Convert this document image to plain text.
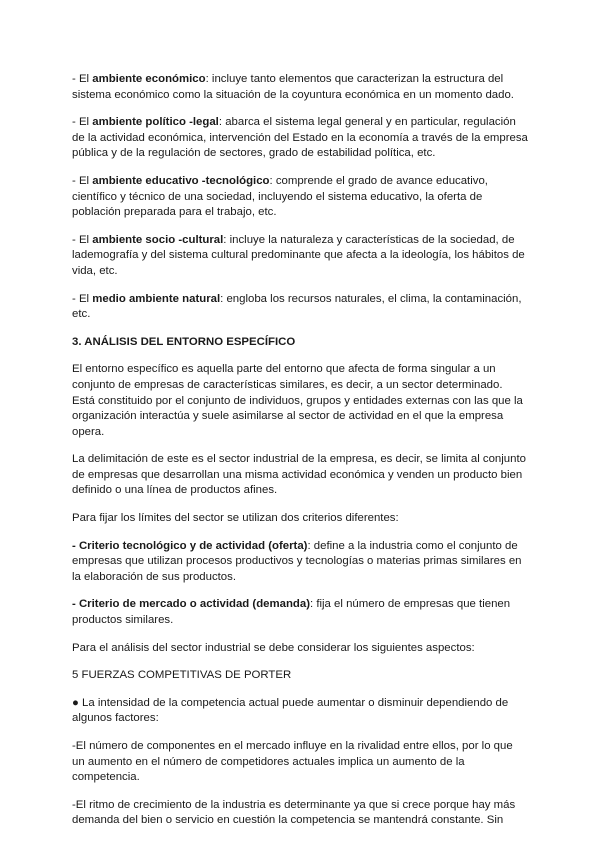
- El ambiente económico: incluye tanto elementos que caracterizan la estructura del sistema económico como la situación de la coyuntura económica en un momento dado.

- El ambiente político -legal: abarca el sistema legal general y en particular, regulación de la actividad económica, intervención del Estado en la economía a través de la empresa pública y de la regulación de sectores, grado de estabilidad política, etc.

- El ambiente educativo -tecnológico: comprende el grado de avance educativo, científico y técnico de una sociedad, incluyendo el sistema educativo, la oferta de población preparada para el trabajo, etc.

- El ambiente socio -cultural: incluye la naturaleza y características de la sociedad, de lademografía y del sistema cultural predominante que afecta a la ideología, los hábitos de vida, etc.

- El medio ambiente natural: engloba los recursos naturales, el clima, la contaminación, etc.

3. ANÁLISIS DEL ENTORNO ESPECÍFICO

El entorno específico es aquella parte del entorno que afecta de forma singular a un conjunto de empresas de características similares, es decir, a un sector determinado. Está constituido por el conjunto de individuos, grupos y entidades externas con las que la organización interactúa y suele asimilarse al sector de actividad en el que la empresa opera.

La delimitación de este es el sector industrial de la empresa, es decir, se limita al conjunto de empresas que desarrollan una misma actividad económica y venden un producto bien definido o una línea de productos afines.

Para fijar los límites del sector se utilizan dos criterios diferentes:

- Criterio tecnológico y de actividad (oferta): define a la industria como el conjunto de empresas que utilizan procesos productivos y tecnologías o materias primas similares en la elaboración de sus productos.

- Criterio de mercado o actividad (demanda): fija el número de empresas que tienen productos similares.

Para el análisis del sector industrial se debe considerar los siguientes aspectos:

5 FUERZAS COMPETITIVAS DE PORTER

● La intensidad de la competencia actual puede aumentar o disminuir dependiendo de algunos factores:

-El número de componentes en el mercado influye en la rivalidad entre ellos, por lo que un aumento en el número de competidores actuales implica un aumento de la competencia.

-El ritmo de crecimiento de la industria es determinante ya que si crece porque hay más demanda del bien o servicio en cuestión la competencia se mantendrá constante. Sin
